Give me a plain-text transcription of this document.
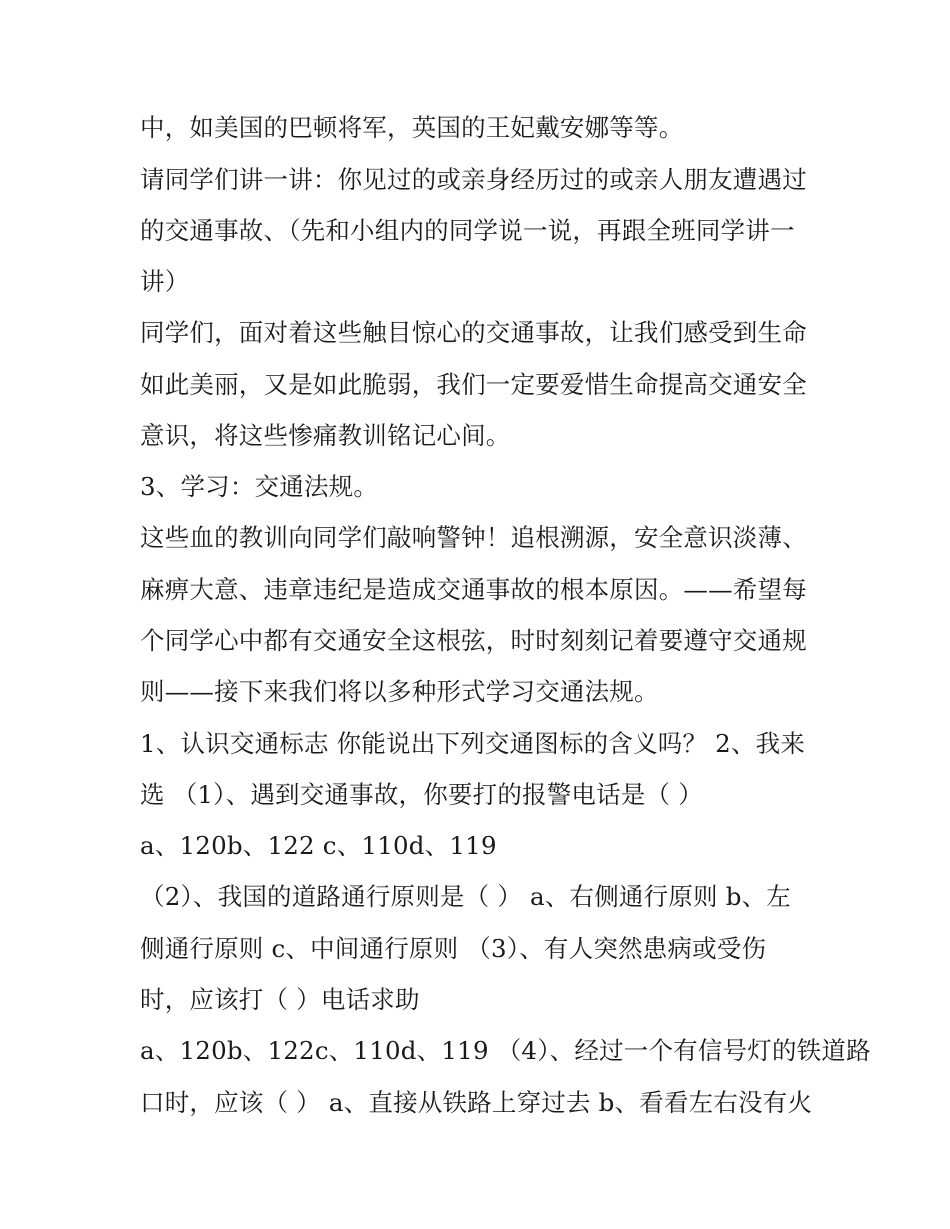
中，如美国的巴顿将军，英国的王妃戴安娜等等。
请同学们讲一讲：你见过的或亲身经历过的或亲人朋友遭遇过
的交通事故、（先和小组内的同学说一说，再跟全班同学讲一
讲）
同学们，面对着这些触目惊心的交通事故，让我们感受到生命
如此美丽，又是如此脆弱，我们一定要爱惜生命提高交通安全
意识，将这些惨痛教训铭记心间。
3、学习：交通法规。
这些血的教训向同学们敲响警钟！追根溯源，安全意识淡薄、
麻痹大意、违章违纪是造成交通事故的根本原因。——希望每
个同学心中都有交通安全这根弦，时时刻刻记着要遵守交通规
则——接下来我们将以多种形式学习交通法规。
1、认识交通标志 你能说出下列交通图标的含义吗？ 2、我来
选 （1）、遇到交通事故，你要打的报警电话是（ ）
a、120b、122 c、110d、119
（2）、我国的道路通行原则是（ ） a、右侧通行原则 b、左
侧通行原则 c、中间通行原则 （3）、有人突然患病或受伤
时，应该打（ ）电话求助
a、120b、122c、110d、119 （4）、经过一个有信号灯的铁道路
口时，应该（ ） a、直接从铁路上穿过去 b、看看左右没有火
